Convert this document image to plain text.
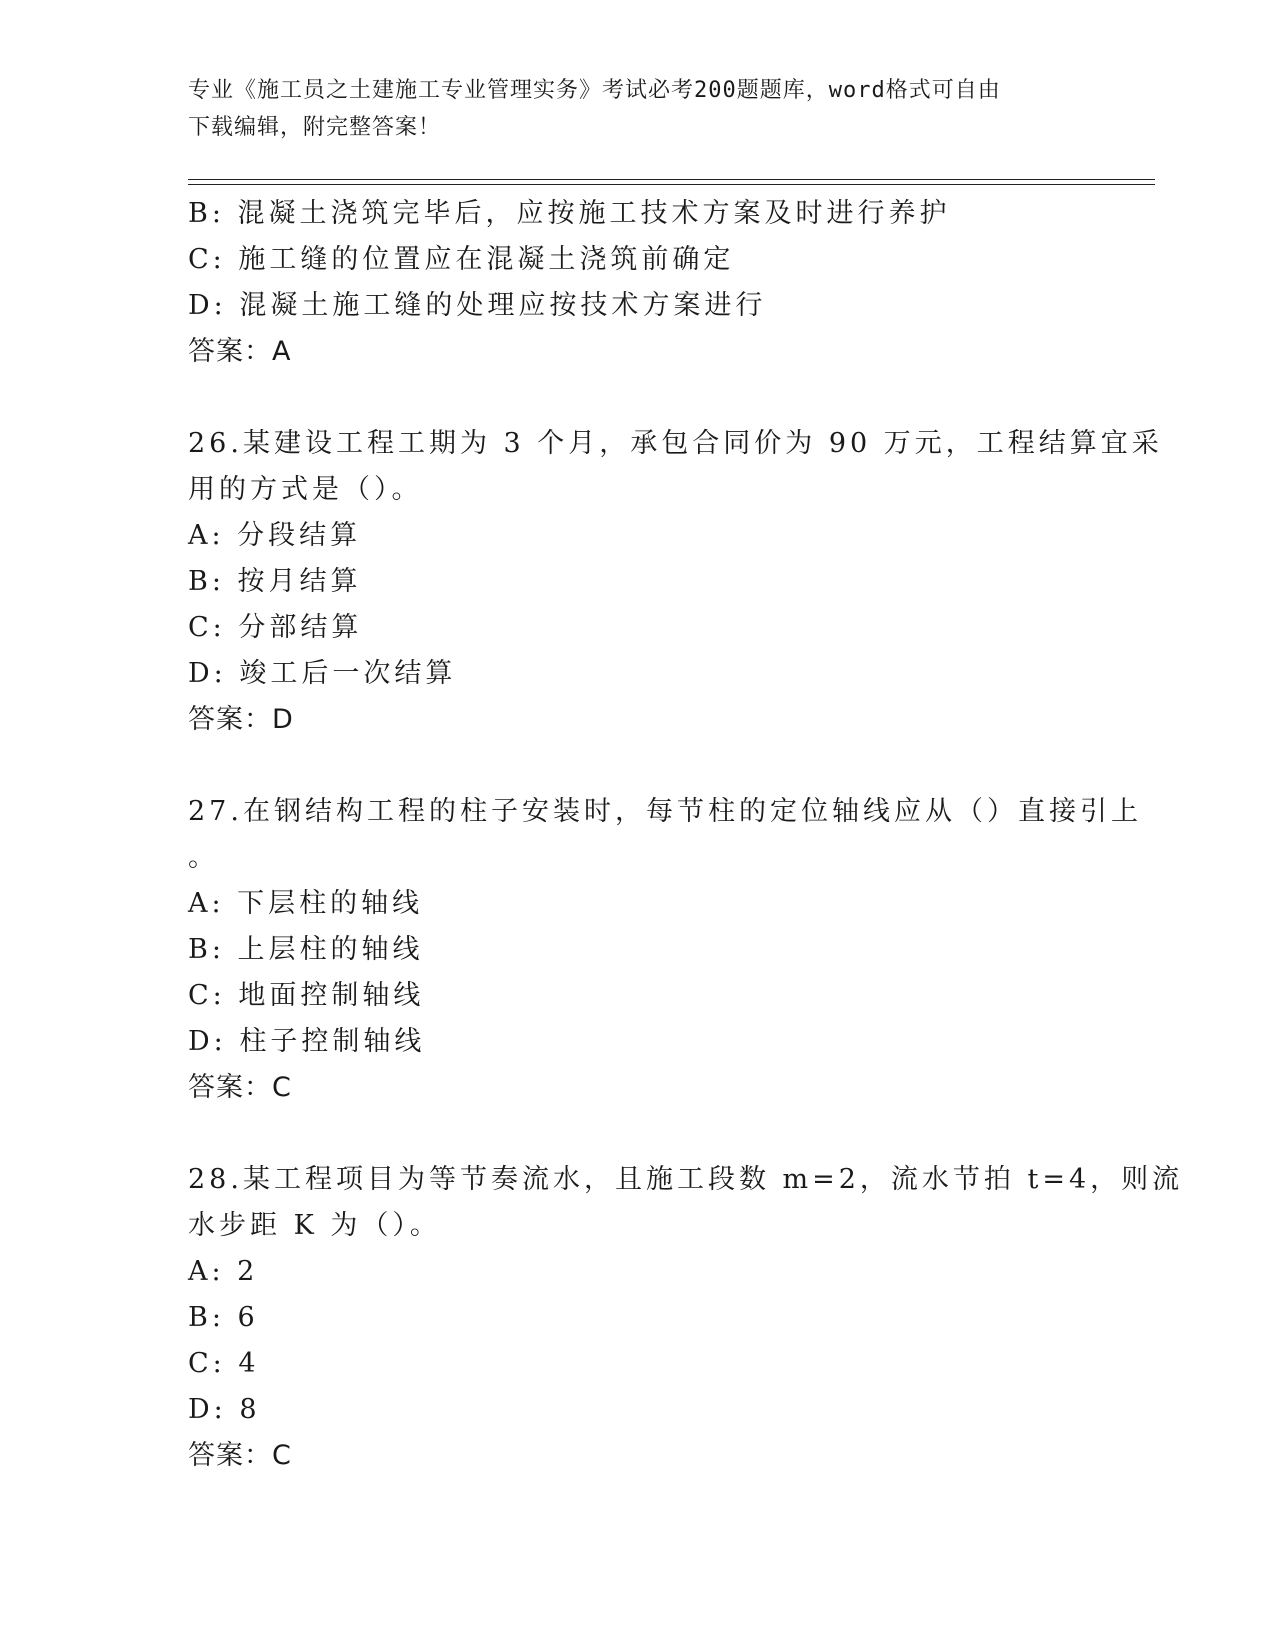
专业《施工员之土建施工专业管理实务》考试必考200题题库，word格式可自由
下载编辑，附完整答案！
B: 混凝土浇筑完毕后，应按施工技术方案及时进行养护
C: 施工缝的位置应在混凝土浇筑前确定
D: 混凝土施工缝的处理应按技术方案进行
答案：A
26.某建设工程工期为 3 个月，承包合同价为 90 万元，工程结算宜采
用的方式是（）。
A: 分段结算
B: 按月结算
C: 分部结算
D: 竣工后一次结算
答案：D
27.在钢结构工程的柱子安装时，每节柱的定位轴线应从（）直接引上
。
A: 下层柱的轴线
B: 上层柱的轴线
C: 地面控制轴线
D: 柱子控制轴线
答案：C
28.某工程项目为等节奏流水，且施工段数 m=2，流水节拍 t=4，则流
水步距 K 为（）。
A: 2
B: 6
C: 4
D: 8
答案：C
